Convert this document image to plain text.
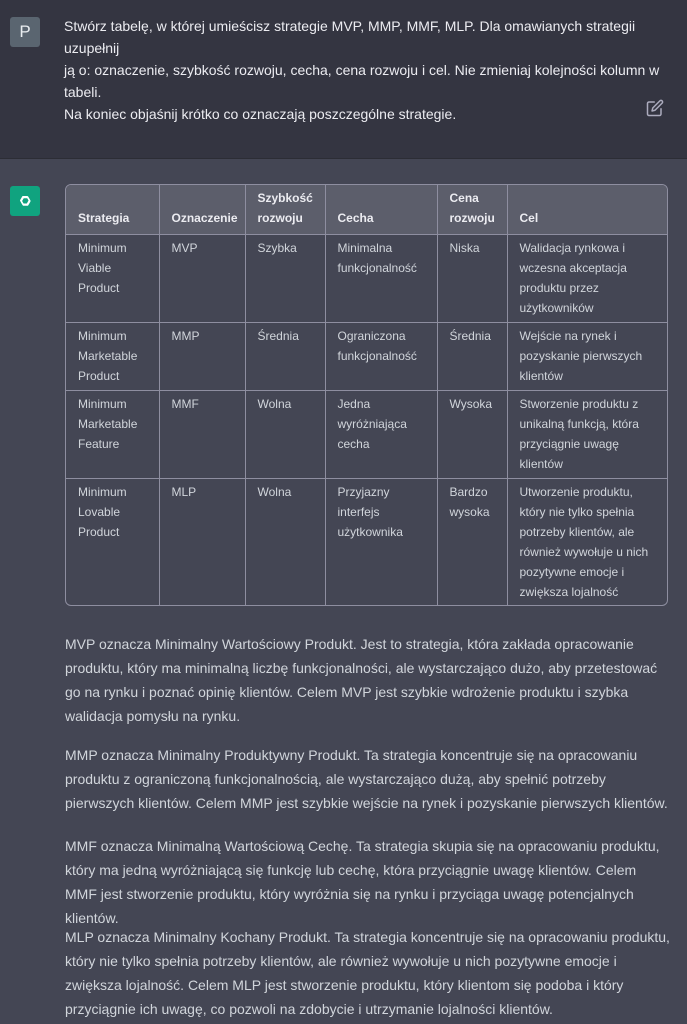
P	Stwórz tabelę, w której umieścisz strategie MVP, MMP, MMF, MLP. Dla omawianych strategii uzupełnij
ją o: oznaczenie, szybkość rozwoju, cecha, cena rozwoju i cel. Nie zmieniaj kolejności kolumn w tabeli.
Na koniec objaśnij krótko co oznaczają poszczególne strategie.
Strategia	Oznaczenie	Szybkość rozwoju	Cecha	Cena rozwoju	Cel
Minimum Viable Product	MVP	Szybka	Minimalna funkcjonalność	Niska	Walidacja rynkowa i wczesna akceptacja produktu przez użytkowników
Minimum Marketable Product	MMP	Średnia	Ograniczona funkcjonalność	Średnia	Wejście na rynek i pozyskanie pierwszych klientów
Minimum Marketable Feature	MMF	Wolna	Jedna wyróżniająca cecha	Wysoka	Stworzenie produktu z unikalną funkcją, która przyciągnie uwagę klientów
Minimum Lovable Product	MLP	Wolna	Przyjazny interfejs użytkownika	Bardzo wysoka	Utworzenie produktu, który nie tylko spełnia potrzeby klientów, ale również wywołuje u nich pozytywne emocje i zwiększa lojalność

MVP oznacza Minimalny Wartościowy Produkt. Jest to strategia, która zakłada opracowanie produktu, który ma minimalną liczbę funkcjonalności, ale wystarczająco dużo, aby przetestować go na rynku i poznać opinię klientów. Celem MVP jest szybkie wdrożenie produktu i szybka walidacja pomysłu na rynku.

MMP oznacza Minimalny Produktywny Produkt. Ta strategia koncentruje się na opracowaniu produktu z ograniczoną funkcjonalnością, ale wystarczająco dużą, aby spełnić potrzeby pierwszych klientów. Celem MMP jest szybkie wejście na rynek i pozyskanie pierwszych klientów.

MMF oznacza Minimalną Wartościową Cechę. Ta strategia skupia się na opracowaniu produktu, który ma jedną wyróżniającą się funkcję lub cechę, która przyciągnie uwagę klientów. Celem MMF jest stworzenie produktu, który wyróżnia się na rynku i przyciąga uwagę potencjalnych klientów.

MLP oznacza Minimalny Kochany Produkt. Ta strategia koncentruje się na opracowaniu produktu, który nie tylko spełnia potrzeby klientów, ale również wywołuje u nich pozytywne emocje i zwiększa lojalność. Celem MLP jest stworzenie produktu, który klientom się podoba i który przyciągnie ich uwagę, co pozwoli na zdobycie i utrzymanie lojalności klientów.
